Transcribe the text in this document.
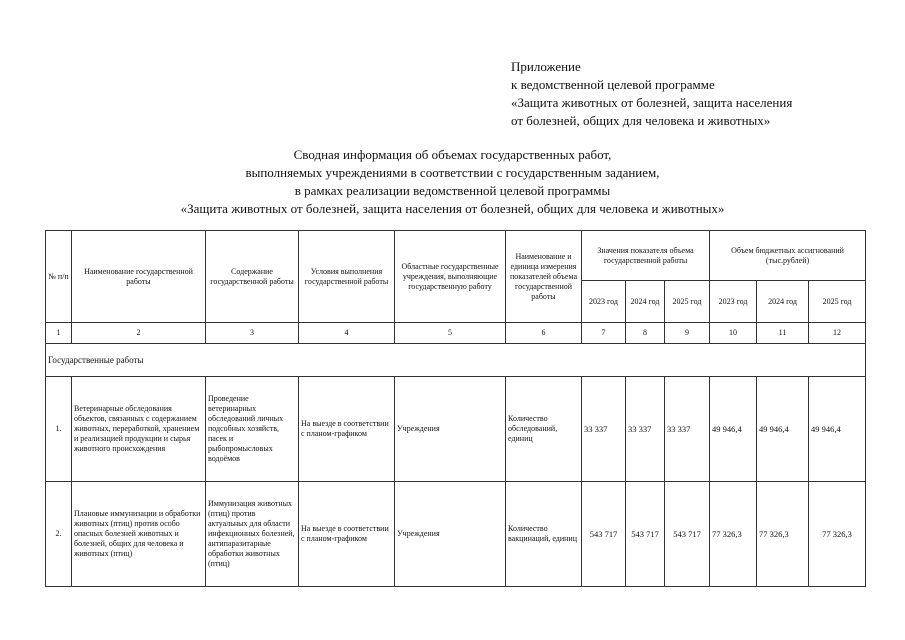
Приложение
к ведомственной целевой программе
«Защита животных от болезней, защита населения
от болезней, общих для человека и животных»
Сводная информация об объемах государственных работ,
выполняемых учреждениями в соответствии с государственным заданием,
в рамках реализации ведомственной целевой программы
«Защита животных от болезней, защита населения от болезней, общих для человека и животных»
№ п/п	Наименование государственной работы	Содержание государственной работы	Условия выполнения государственной работы	Областные государственные учреждения, выполняющие государственную работу	Наименование и единица измерения показателей объема государственной работы	Значения показателя объема государственной работы			Объем бюджетных ассигнований (тыс.рублей)		
						2023 год	2024 год	2025 год	2023 год	2024 год	2025 год
1	2	3	4	5	6	7	8	9	10	11	12
Государственные работы											
1.	Ветеринарные обследования объектов, связанных с содержанием животных, переработкой, хранением и реализацией продукции и сырья животного происхождения	Проведение ветеринарных обследований личных подсобных хозяйств, пасек и рыбопромысловых водоёмов	На выезде в соответствии с планом-графиком	Учреждения	Количество обследований, единиц	33 337	33 337	33 337	49 946,4	49 946,4	49 946,4
2.	Плановые иммунизации и обработки животных (птиц) против особо опасных болезней животных и болезней, общих для человека и животных (птиц)	Иммунизация животных (птиц) против актуальных для области инфекционных болезней, антипаразитарные обработки животных (птиц)	На выезде в соответствии с планом-графиком	Учреждения	Количество вакцинаций, единиц	543 717	543 717	543 717	77 326,3	77 326,3	77 326,3
